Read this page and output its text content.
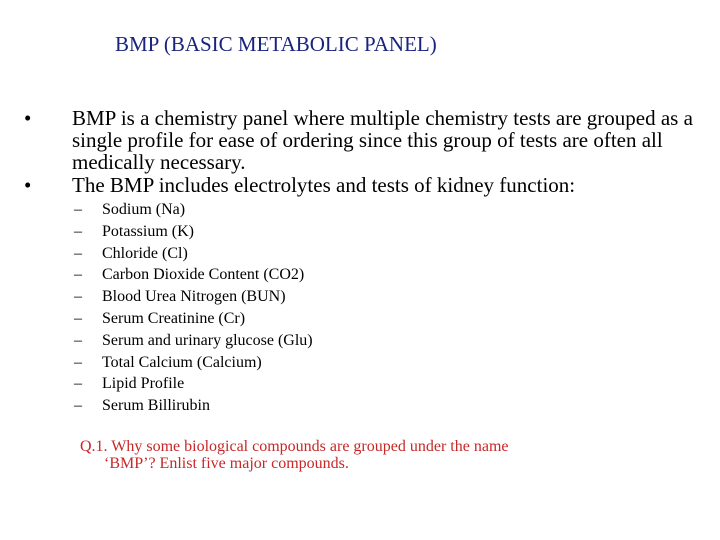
BMP (BASIC METABOLIC PANEL)
•	BMP is a chemistry panel where multiple chemistry tests are grouped as a single profile for ease of ordering since this group of tests are often all medically necessary.
•	The BMP includes electrolytes and tests of kidney function:
– Sodium (Na)
– Potassium (K)
– Chloride (Cl)
– Carbon Dioxide Content (CO2)
– Blood Urea Nitrogen (BUN)
– Serum Creatinine (Cr)
– Serum and urinary glucose (Glu)
– Total Calcium (Calcium)
– Lipid Profile
– Serum Billirubin
Q.1. Why some biological compounds are grouped under the name
‘BMP’? Enlist five major compounds.
